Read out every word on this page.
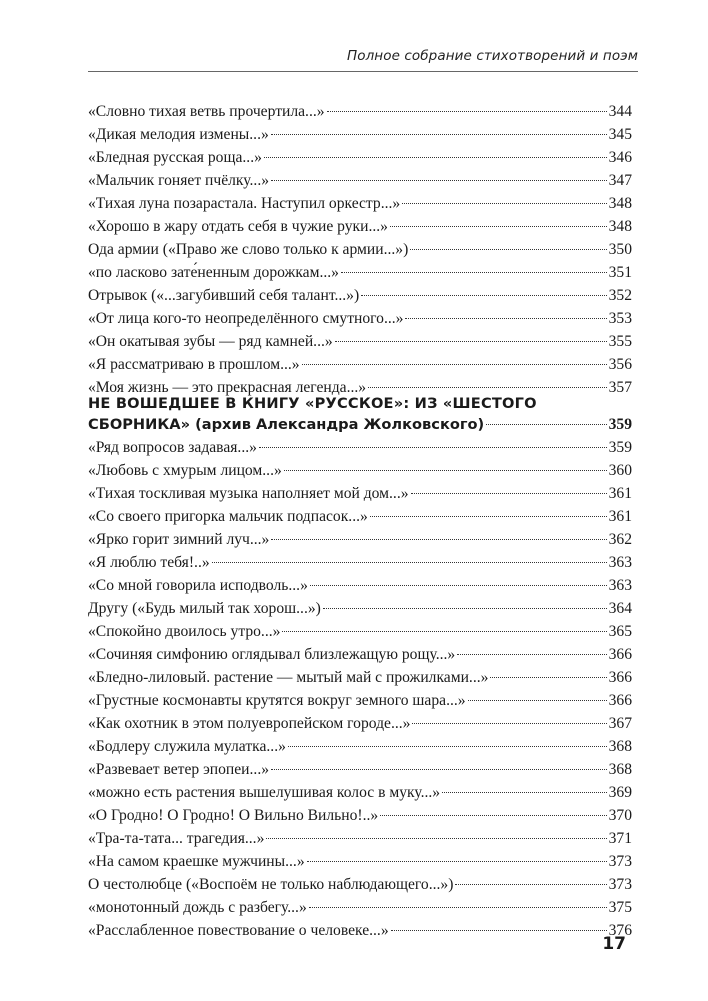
Полное собрание стихотворений и поэм
«Словно тихая ветвь прочертила...»	344
«Дикая мелодия измены...»	345
«Бледная русская роща...»	346
«Мальчик гоняет пчёлку...»	347
«Тихая луна позарастала. Наступил оркестр...»	348
«Хорошо в жару отдать себя в чужие руки...»	348
Ода армии («Право же слово только к армии...»)	350
«по ласково зате́ненным дорожкам...»	351
Отрывок («...загубивший себя талант...»)	352
«От лица кого-то неопределённого смутного...»	353
«Он окатывая зубы — ряд камней...»	355
«Я рассматриваю в прошлом...»	356
«Моя жизнь — это прекрасная легенда...»	357
НЕ ВОШЕДШЕЕ В КНИГУ «РУССКОЕ»: ИЗ «ШЕСТОГО
СБОРНИКА» (архив Александра Жолковского)	359
«Ряд вопросов задавая...»	359
«Любовь с хмурым лицом...»	360
«Тихая тоскливая музыка наполняет мой дом...»	361
«Со своего пригорка мальчик подпасок...»	361
«Ярко горит зимний луч...»	362
«Я люблю тебя!..»	363
«Со мной говорила исподволь...»	363
Другу («Будь милый так хорош...»)	364
«Спокойно двоилось утро...»	365
«Сочиняя симфонию оглядывал близлежащую рощу...»	366
«Бледно-лиловый. растение — мытый май с прожилками...»	366
«Грустные космонавты крутятся вокруг земного шара...»	366
«Как охотник в этом полуевропейском городе...»	367
«Бодлеру служила мулатка...»	368
«Развевает ветер эпопеи...»	368
«можно есть растения вышелушивая колос в муку...»	369
«О Гродно! О Гродно! О Вильно Вильно!..»	370
«Тра-та-тата... трагедия...»	371
«На самом краешке мужчины...»	373
О честолюбце («Воспоём не только наблюдающего...»)	373
«монотонный дождь с разбегу...»	375
«Расслабленное повествование о человеке...»	376
17
